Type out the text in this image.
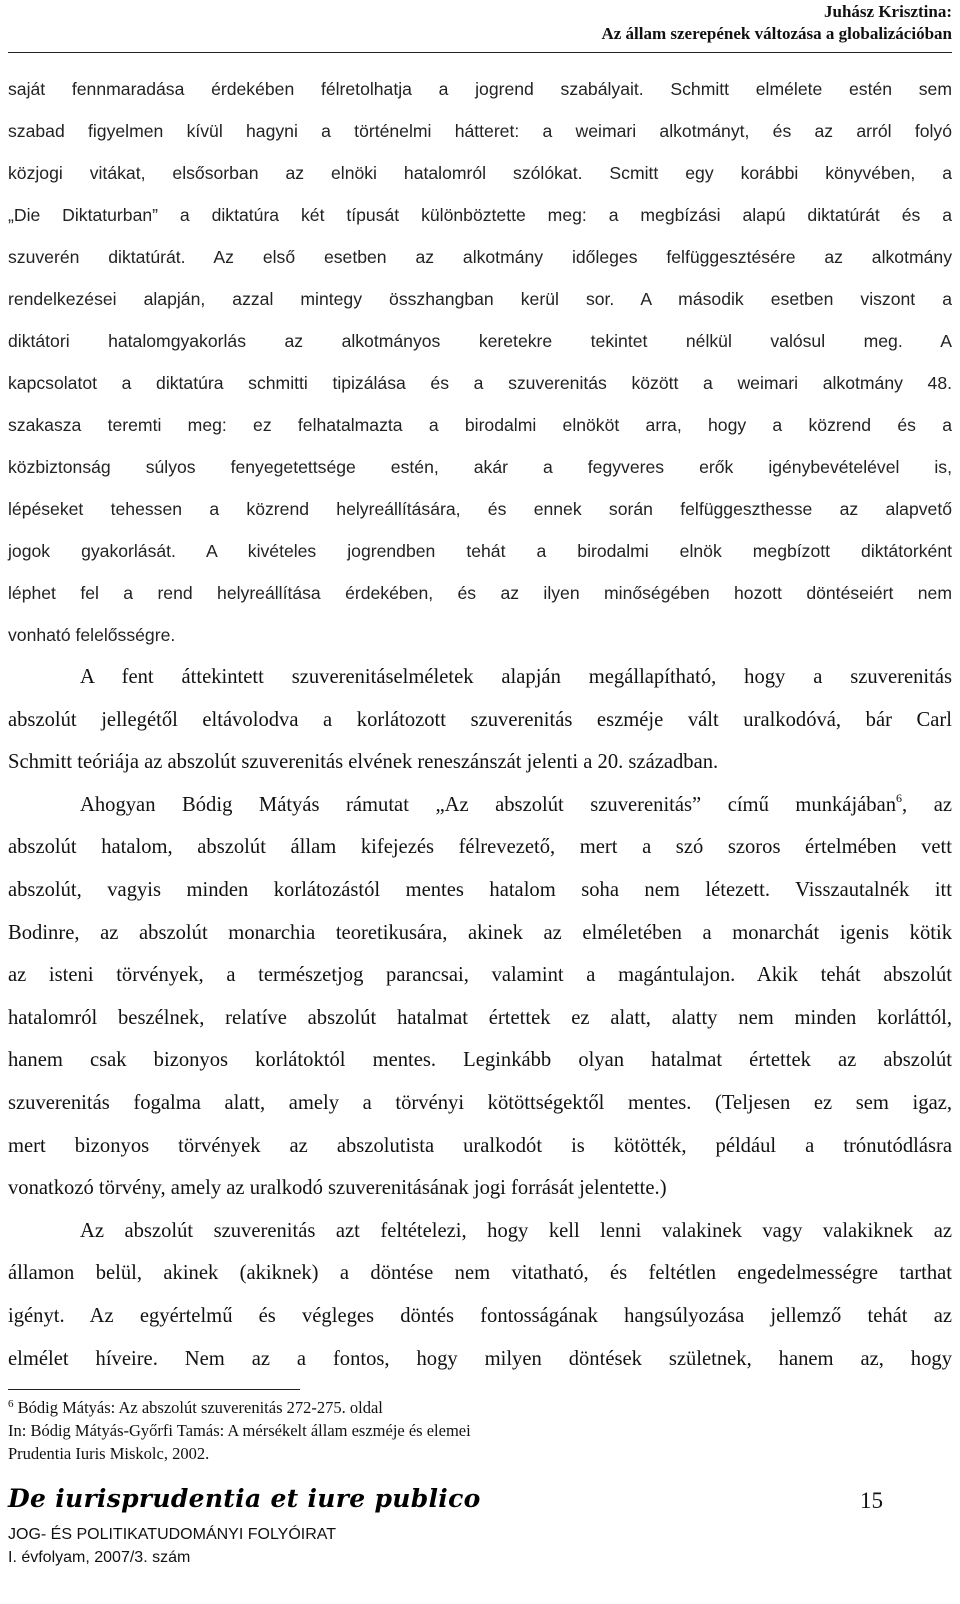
Juhász Krisztina:
Az állam szerepének változása a globalizációban
saját fennmaradása érdekében félretolhatja a jogrend szabályait. Schmitt elmélete estén sem
szabad figyelmen kívül hagyni a történelmi hátteret: a weimari alkotmányt, és az arról folyó
közjogi vitákat, elsősorban az elnöki hatalomról szólókat. Scmitt egy korábbi könyvében, a
„Die Diktaturban” a diktatúra két típusát különböztette meg: a megbízási alapú diktatúrát és a
szuverén diktatúrát. Az első esetben az alkotmány időleges felfüggesztésére az alkotmány
rendelkezései alapján, azzal mintegy összhangban kerül sor. A második esetben viszont a
diktátori hatalomgyakorlás az alkotmányos keretekre tekintet nélkül valósul meg. A
kapcsolatot a diktatúra schmitti tipizálása és a szuverenitás között a weimari alkotmány 48.
szakasza teremti meg: ez felhatalmazta a birodalmi elnököt arra, hogy a közrend és a
közbiztonság súlyos fenyegetettsége estén, akár a fegyveres erők igénybevételével is,
lépéseket tehessen a közrend helyreállítására, és ennek során felfüggeszthesse az alapvető
jogok gyakorlását. A kivételes jogrendben tehát a birodalmi elnök megbízott diktátorként
léphet fel a rend helyreállítása érdekében, és az ilyen minőségében hozott döntéseiért nem
vonható felelősségre.
A fent áttekintett szuverenitáselméletek alapján megállapítható, hogy a szuverenitás
abszolút jellegétől eltávolodva a korlátozott szuverenitás eszméje vált uralkodóvá, bár Carl
Schmitt teóriája az abszolút szuverenitás elvének reneszánszát jelenti a 20. században.
Ahogyan Bódig Mátyás rámutat „Az abszolút szuverenitás” című munkájában$^6$, az
abszolút hatalom, abszolút állam kifejezés félrevezető, mert a szó szoros értelmében vett
abszolút, vagyis minden korlátozástól mentes hatalom soha nem létezett. Visszautalnék itt
Bodinre, az abszolút monarchia teoretikusára, akinek az elméletében a monarchát igenis kötik
az isteni törvények, a természetjog parancsai, valamint a magántulajon. Akik tehát abszolút
hatalomról beszélnek, relatíve abszolút hatalmat értettek ez alatt, alatty nem minden korláttól,
hanem csak bizonyos korlátoktól mentes. Leginkább olyan hatalmat értettek az abszolút
szuverenitás fogalma alatt, amely a törvényi kötöttségektől mentes. (Teljesen ez sem igaz,
mert bizonyos törvények az abszolutista uralkodót is kötötték, például a trónutódlásra
vonatkozó törvény, amely az uralkodó szuverenitásának jogi forrását jelentette.)
Az abszolút szuverenitás azt feltételezi, hogy kell lenni valakinek vagy valakiknek az
államon belül, akinek (akiknek) a döntése nem vitatható, és feltétlen engedelmességre tarthat
igényt. Az egyértelmű és végleges döntés fontosságának hangsúlyozása jellemző tehát az
elmélet híveire. Nem az a fontos, hogy milyen döntések születnek, hanem az, hogy
$^6$ Bódig Mátyás: Az abszolút szuverenitás 272-275. oldal
In: Bódig Mátyás-Győrfi Tamás: A mérsékelt állam eszméje és elemei
Prudentia Iuris Miskolc, 2002.
De iurisprudentia et iure publico	15
JOG- ÉS POLITIKATUDOMÁNYI FOLYÓIRAT
I. évfolyam, 2007/3. szám
